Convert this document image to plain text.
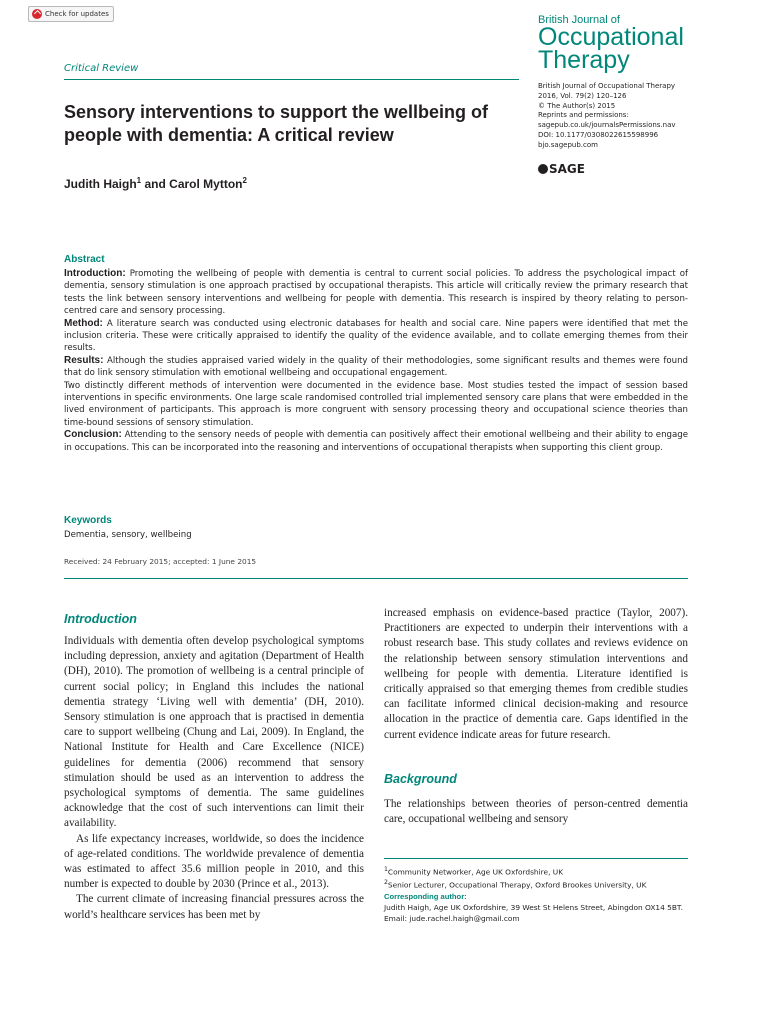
Check for updates	British Journal of
Occupational
Therapy
Critical Review
Sensory interventions to support the wellbeing of people with dementia: A critical review
Judith Haigh$^1$ and Carol Mytton$^2$
British Journal of Occupational Therapy
2016, Vol. 79(2) 120–126
© The Author(s) 2015
Reprints and permissions:
sagepub.co.uk/journalsPermissions.nav
DOI: 10.1177/0308022615598996
bjo.sagepub.com
SAGE
Abstract

Introduction: Promoting the wellbeing of people with dementia is central to current social policies. To address the psychological impact of dementia, sensory stimulation is one approach practised by occupational therapists. This article will critically review the primary research that tests the link between sensory interventions and wellbeing for people with dementia. This research is inspired by theory relating to person-centred care and sensory processing.

Method: A literature search was conducted using electronic databases for health and social care. Nine papers were identified that met the inclusion criteria. These were critically appraised to identify the quality of the evidence available, and to collate emerging themes from their results.

Results: Although the studies appraised varied widely in the quality of their methodologies, some significant results and themes were found that do link sensory stimulation with emotional wellbeing and occupational engagement.

Two distinctly different methods of intervention were documented in the evidence base. Most studies tested the impact of session based interventions in specific environments. One large scale randomised controlled trial implemented sensory care plans that were embedded in the lived environment of participants. This approach is more congruent with sensory processing theory and occupational science theories than time-bound sessions of sensory stimulation.

Conclusion: Attending to the sensory needs of people with dementia can positively affect their emotional wellbeing and their ability to engage in occupations. This can be incorporated into the reasoning and interventions of occupational therapists when supporting this client group.

Keywords
Dementia, sensory, wellbeing
Received: 24 February 2015; accepted: 1 June 2015
Introduction

Individuals with dementia often develop psychological symptoms including depression, anxiety and agitation (Department of Health (DH), 2010). The promotion of wellbeing is a central principle of current social policy; in England this includes the national dementia strategy ‘Living well with dementia’ (DH, 2010). Sensory stimulation is one approach that is practised in dementia care to support wellbeing (Chung and Lai, 2009). In England, the National Institute for Health and Care Excellence (NICE) guidelines for dementia (2006) recommend that sensory stimulation should be used as an intervention to address the psychological symptoms of dementia. The same guidelines acknowledge that the cost of such interventions can limit their availability.

As life expectancy increases, worldwide, so does the incidence of age-related conditions. The worldwide prevalence of dementia was estimated to affect 35.6 million people in 2010, and this number is expected to double by 2030 (Prince et al., 2013).

The current climate of increasing financial pressures across the world’s healthcare services has been met by

increased emphasis on evidence-based practice (Taylor, 2007). Practitioners are expected to underpin their interventions with a robust research base. This study collates and reviews evidence on the relationship between sensory stimulation interventions and wellbeing for people with dementia. Literature identified is critically appraised so that emerging themes from credible studies can facilitate informed clinical decision-making and resource allocation in the practice of dementia care. Gaps identified in the current evidence indicate areas for future research.

Background

The relationships between theories of person-centred dementia care, occupational wellbeing and sensory

$^1$Community Networker, Age UK Oxfordshire, UK

$^2$Senior Lecturer, Occupational Therapy, Oxford Brookes University, UK

Corresponding author:

Judith Haigh, Age UK Oxfordshire, 39 West St Helens Street, Abingdon OX14 5BT.

Email: jude.rachel.haigh@gmail.com
